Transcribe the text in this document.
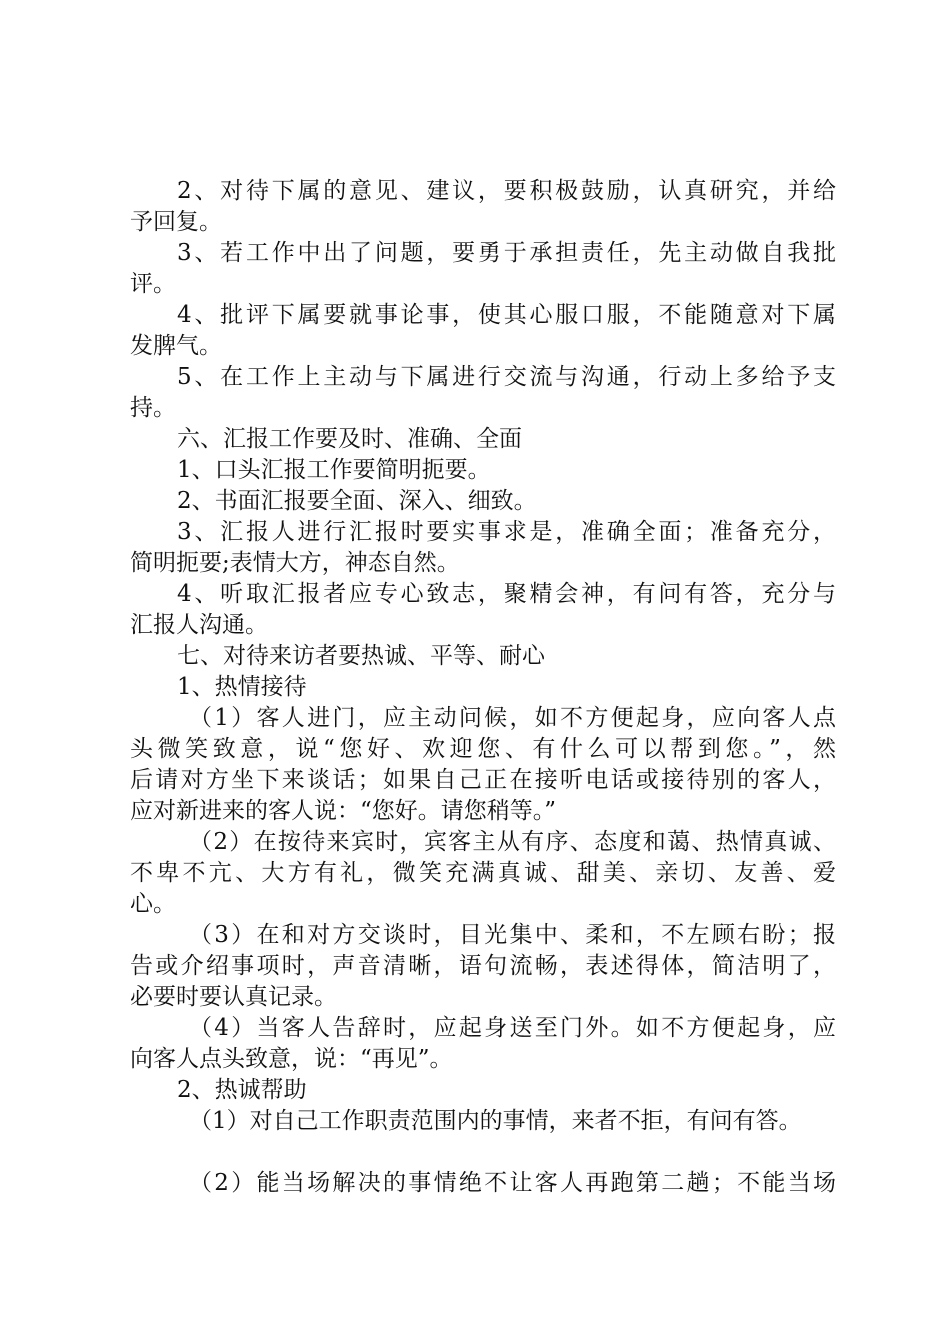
2、对待下属的意见、建议，要积极鼓励，认真研究，并给
予回复。
3、若工作中出了问题，要勇于承担责任，先主动做自我批
评。
4、批评下属要就事论事，使其心服口服，不能随意对下属
发脾气。
5、在工作上主动与下属进行交流与沟通，行动上多给予支
持。
六、汇报工作要及时、准确、全面
1、口头汇报工作要简明扼要。
2、书面汇报要全面、深入、细致。
3、汇报人进行汇报时要实事求是，准确全面；准备充分，
简明扼要;表情大方，神态自然。
4、听取汇报者应专心致志，聚精会神，有问有答，充分与
汇报人沟通。
七、对待来访者要热诚、平等、耐心
1、热情接待
（1）客人进门，应主动问候，如不方便起身，应向客人点
头微笑致意，说“您好、欢迎您、有什么可以帮到您。”，然
后请对方坐下来谈话；如果自己正在接听电话或接待别的客人，
应对新进来的客人说：“您好。请您稍等。”
（2）在按待来宾时，宾客主从有序、态度和蔼、热情真诚、
不卑不亢、大方有礼，微笑充满真诚、甜美、亲切、友善、爱
心。
（3）在和对方交谈时，目光集中、柔和，不左顾右盼；报
告或介绍事项时，声音清晰，语句流畅，表述得体，简洁明了，
必要时要认真记录。
（4）当客人告辞时，应起身送至门外。如不方便起身，应
向客人点头致意，说：“再见”。
2、热诚帮助
（1）对自己工作职责范围内的事情，来者不拒，有问有答。
（2）能当场解决的事情绝不让客人再跑第二趟；不能当场
